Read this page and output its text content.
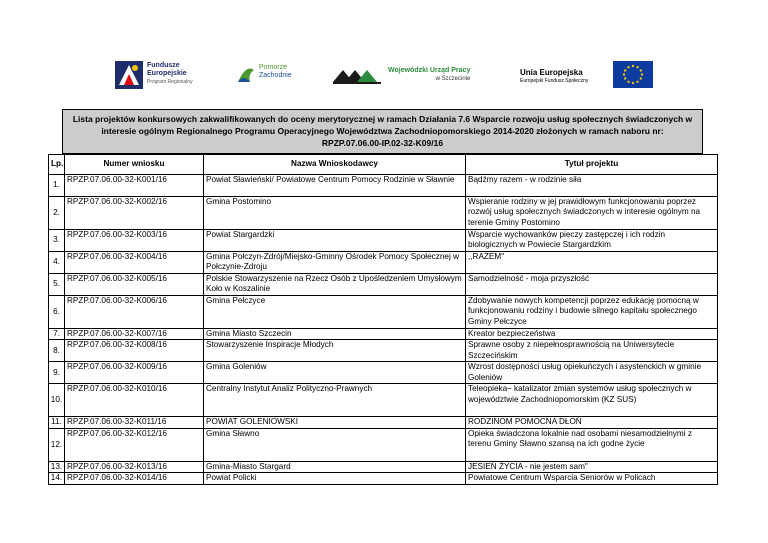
Fundusze
Europejskie
Program Regionalny
Pomorze
Zachodnie
Wojewódzki Urząd Pracy
w Szczecinie
Unia Europejska
Europejski Fundusz Społeczny

Lista projektów konkursowych zakwalifikowanych do oceny merytorycznej w ramach Działania 7.6 Wsparcie rozwoju usług społecznych świadczonych w interesie ogólnym Regionalnego Programu Operacyjnego Województwa Zachodniopomorskiego 2014-2020 złożonych w ramach naboru nr: RPZP.07.06.00-IP.02-32-K09/16

Lp.	Numer wniosku	Nazwa Wnioskodawcy	Tytuł projektu
1.	RPZP.07.06.00-32-K001/16	Powiat Sławieński/ Powiatowe Centrum Pomocy Rodzinie w Sławnie	Bądźmy razem - w rodzinie siła
2.	RPZP.07.06.00-32-K002/16	Gmina Postomino	Wspieranie rodziny w jej prawidłowym funkcjonowaniu poprzez rozwój usług społecznych świadczonych w interesie ogólnym na terenie Gminy Postomino
3.	RPZP.07.06.00-32-K003/16	Powiat Stargardzki	Wsparcie wychowanków pieczy zastępczej i ich rodzin biologicznych w Powiecie Stargardzkim
4.	RPZP.07.06.00-32-K004/16	Gmina Połczyn-Zdrój/Miejsko-Gminny Ośrodek Pomocy Społecznej w Połczynie-Zdroju	,,RAZEM"
5.	RPZP.07.06.00-32-K005/16	Polskie Stowarzyszenie na Rzecz Osób z Upośledzeniem Umysłowym Koło w Koszalinie	Samodzielność - moja przyszłość
6.	RPZP.07.06.00-32-K006/16	Gmina Pełczyce	Zdobywanie nowych kompetencji poprzez edukację pomocną w funkcjonowaniu rodziny i budowie silnego kapitału społecznego Gminy Pełczyce
7.	RPZP.07.06.00-32-K007/16	Gmina Miasto Szczecin	Kreator bezpieczeństwa
8.	RPZP.07.06.00-32-K008/16	Stowarzyszenie Inspiracje Młodych	Sprawne osoby z niepełnosprawnością na Uniwersytecie Szczecińskim
9.	RPZP.07.06.00-32-K009/16	Gmina Goleniów	Wzrost dostępności usług opiekuńczych i asystenckich w gminie Goleniów
10.	RPZP.07.06.00-32-K010/16	Centralny Instytut Analiz Polityczno-Prawnych	Teleopieka– katalizator zmian systemów usług społecznych w województwie Zachodniopomorskim (KZ SUS)
11.	RPZP.07.06.00-32-K011/16	POWIAT GOLENIOWSKI	RODZINOM POMOCNA DŁOŃ
12.	RPZP.07.06.00-32-K012/16	Gmina Sławno	Opieka świadczona lokalnie nad osobami niesamodzielnymi z terenu Gminy Sławno szansą na ich godne życie
13.	RPZP.07.06.00-32-K013/16	Gmina-Miasto Stargard	JESIEŃ ŻYCIA - nie jestem sam"
14.	RPZP.07.06.00-32-K014/16	Powiat Policki	Powiatowe Centrum Wsparcia Seniorów w Policach
